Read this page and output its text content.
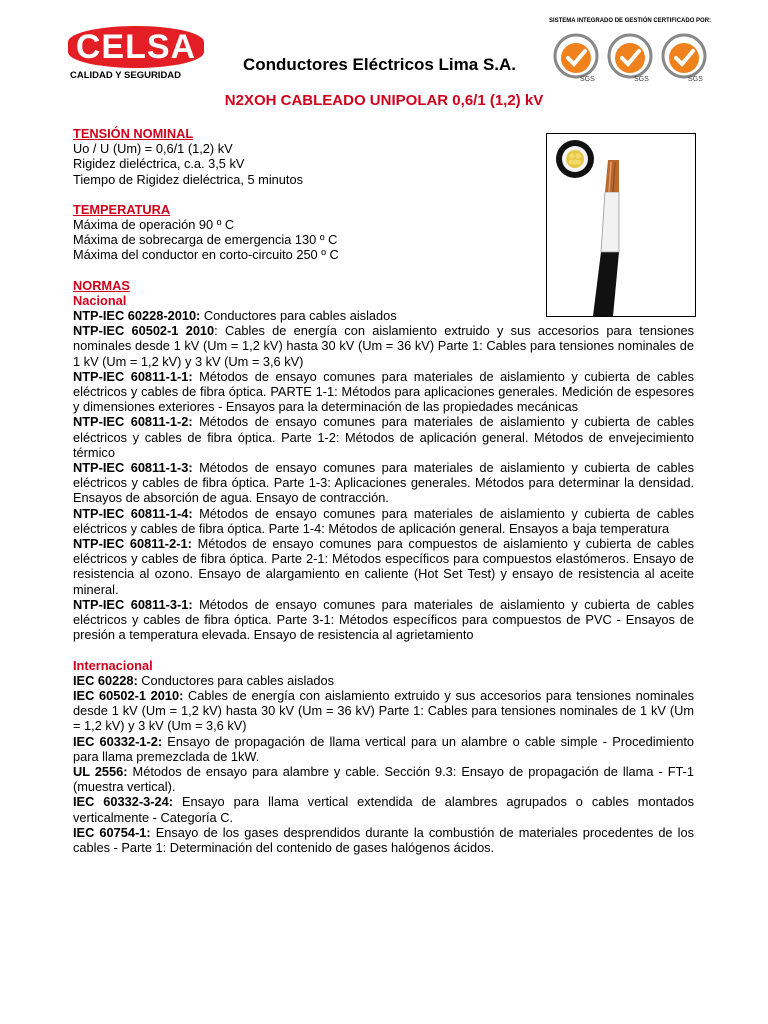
CELSA
CALIDAD Y SEGURIDAD
Conductores Eléctricos Lima S.A.
SISTEMA INTEGRADO DE GESTIÓN CERTIFICADO POR:
SGS	SGS	SGS
N2XOH CABLEADO UNIPOLAR 0,6/1 (1,2) kV

TENSIÓN NOMINAL

Uo / U (Um) = 0,6/1 (1,2) kV

Rigidez dieléctrica, c.a. 3,5 kV

Tiempo de Rigidez dieléctrica, 5 minutos

TEMPERATURA

Máxima de operación 90 º C

Máxima de sobrecarga de emergencia 130 º C

Máxima del conductor en corto-circuito 250 º C

NORMAS

Nacional

NTP-IEC 60228-2010: Conductores para cables aislados

NTP-IEC 60502-1 2010: Cables de energía con aislamiento extruido y sus accesorios para tensiones nominales desde 1 kV (Um = 1,2 kV) hasta 30 kV (Um = 36 kV) Parte 1: Cables para tensiones nominales de 1 kV (Um = 1,2 kV) y 3 kV (Um = 3,6 kV)

NTP-IEC 60811-1-1: Métodos de ensayo comunes para materiales de aislamiento y cubierta de cables eléctricos y cables de fibra óptica. PARTE 1-1: Métodos para aplicaciones generales. Medición de espesores y dimensiones exteriores - Ensayos para la determinación de las propiedades mecánicas

NTP-IEC 60811-1-2: Métodos de ensayo comunes para materiales de aislamiento y cubierta de cables eléctricos y cables de fibra óptica. Parte 1-2: Métodos de aplicación general. Métodos de envejecimiento térmico

NTP-IEC 60811-1-3: Métodos de ensayo comunes para materiales de aislamiento y cubierta de cables eléctricos y cables de fibra óptica. Parte 1-3: Aplicaciones generales. Métodos para determinar la densidad. Ensayos de absorción de agua. Ensayo de contracción.

NTP-IEC 60811-1-4: Métodos de ensayo comunes para materiales de aislamiento y cubierta de cables eléctricos y cables de fibra óptica. Parte 1-4: Métodos de aplicación general. Ensayos a baja temperatura

NTP-IEC 60811-2-1: Métodos de ensayo comunes para compuestos de aislamiento y cubierta de cables eléctricos y cables de fibra óptica. Parte 2-1: Métodos específicos para compuestos elastómeros. Ensayo de resistencia al ozono. Ensayo de alargamiento en caliente (Hot Set Test) y ensayo de resistencia al aceite mineral.

NTP-IEC 60811-3-1: Métodos de ensayo comunes para materiales de aislamiento y cubierta de cables eléctricos y cables de fibra óptica. Parte 3-1: Métodos específicos para compuestos de PVC - Ensayos de presión a temperatura elevada. Ensayo de resistencia al agrietamiento

Internacional

IEC 60228: Conductores para cables aislados

IEC 60502-1 2010: Cables de energía con aislamiento extruido y sus accesorios para tensiones nominales desde 1 kV (Um = 1,2 kV) hasta 30 kV (Um = 36 kV) Parte 1: Cables para tensiones nominales de 1 kV (Um = 1,2 kV) y 3 kV (Um = 3,6 kV)

IEC 60332-1-2: Ensayo de propagación de llama vertical para un alambre o cable simple - Procedimiento para llama premezclada de 1kW.

UL 2556: Métodos de ensayo para alambre y cable. Sección 9.3: Ensayo de propagación de llama - FT-1 (muestra vertical).

IEC 60332-3-24: Ensayo para llama vertical extendida de alambres agrupados o cables montados verticalmente - Categoría C.

IEC 60754-1: Ensayo de los gases desprendidos durante la combustión de materiales procedentes de los cables - Parte 1: Determinación del contenido de gases halógenos ácidos.
